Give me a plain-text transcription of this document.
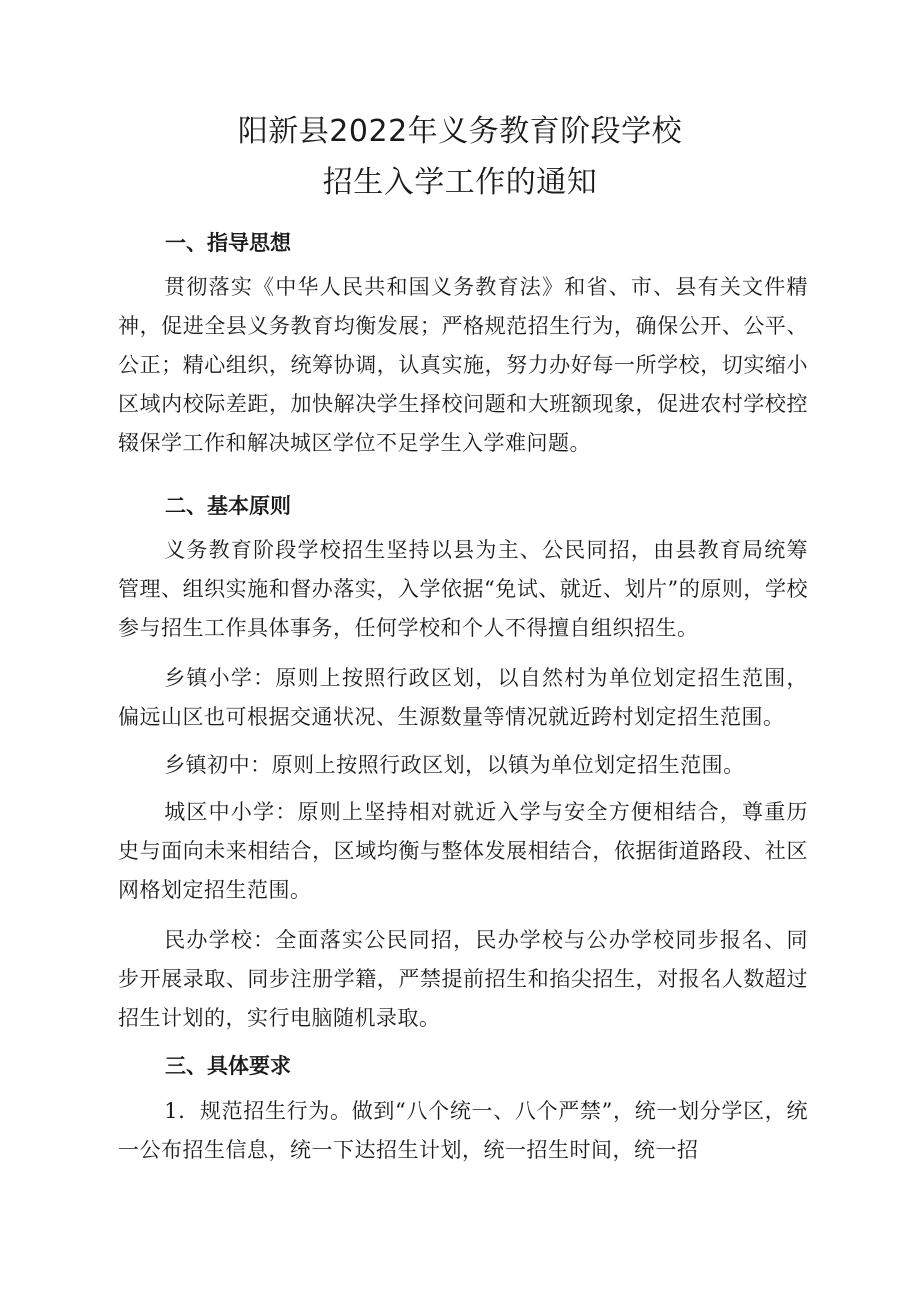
阳新县2022年义务教育阶段学校
招生入学工作的通知
一、指导思想

贯彻落实《中华人民共和国义务教育法》和省、市、县有关文件精神，促进全县义务教育均衡发展；严格规范招生行为，确保公开、公平、公正；精心组织，统筹协调，认真实施，努力办好每一所学校，切实缩小区域内校际差距，加快解决学生择校问题和大班额现象，促进农村学校控辍保学工作和解决城区学位不足学生入学难问题。

二、基本原则

义务教育阶段学校招生坚持以县为主、公民同招，由县教育局统筹管理、组织实施和督办落实，入学依据“免试、就近、划片”的原则，学校参与招生工作具体事务，任何学校和个人不得擅自组织招生。

乡镇小学：原则上按照行政区划，以自然村为单位划定招生范围，偏远山区也可根据交通状况、生源数量等情况就近跨村划定招生范围。

乡镇初中：原则上按照行政区划，以镇为单位划定招生范围。

城区中小学：原则上坚持相对就近入学与安全方便相结合，尊重历史与面向未来相结合，区域均衡与整体发展相结合，依据街道路段、社区网格划定招生范围。

民办学校：全面落实公民同招，民办学校与公办学校同步报名、同步开展录取、同步注册学籍，严禁提前招生和掐尖招生，对报名人数超过招生计划的，实行电脑随机录取。

三、具体要求

1．规范招生行为。做到“八个统一、八个严禁”，统一划分学区，统一公布招生信息，统一下达招生计划，统一招生时间，统一招
